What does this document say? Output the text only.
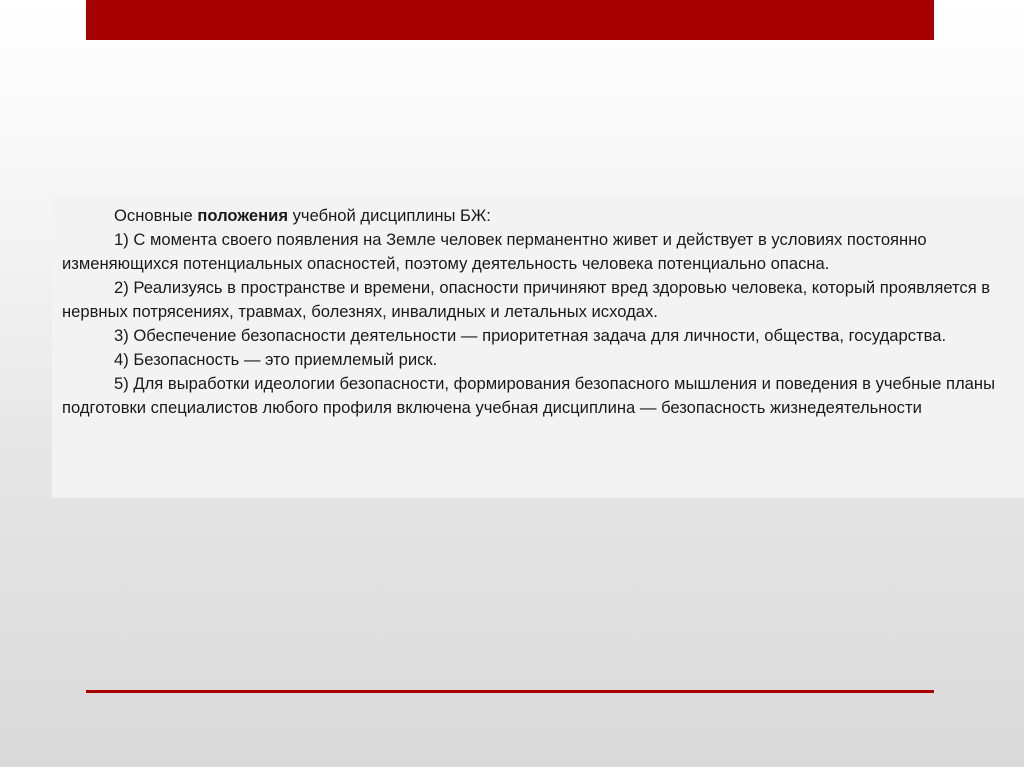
Основные положения учебной дисциплины БЖ:

1) С момента своего появления на Земле человек перманентно живет и действует в условиях постоянно изменяющихся потенциальных опасностей, поэтому деятельность человека потенциально опасна.

2) Реализуясь в пространстве и времени, опасности причиняют вред здоровью человека, который проявляется в нервных потрясениях, травмах, болезнях, инвалидных и летальных исходах.

3) Обеспечение безопасности деятельности — приоритетная задача для личности, общества, государства.

4) Безопасность — это приемлемый риск.

5) Для выработки идеологии безопасности, формирования безопасного мышления и поведения в учебные планы подготовки специалистов любого профиля включена учебная дисциплина — безопасность жизнедеятельности
